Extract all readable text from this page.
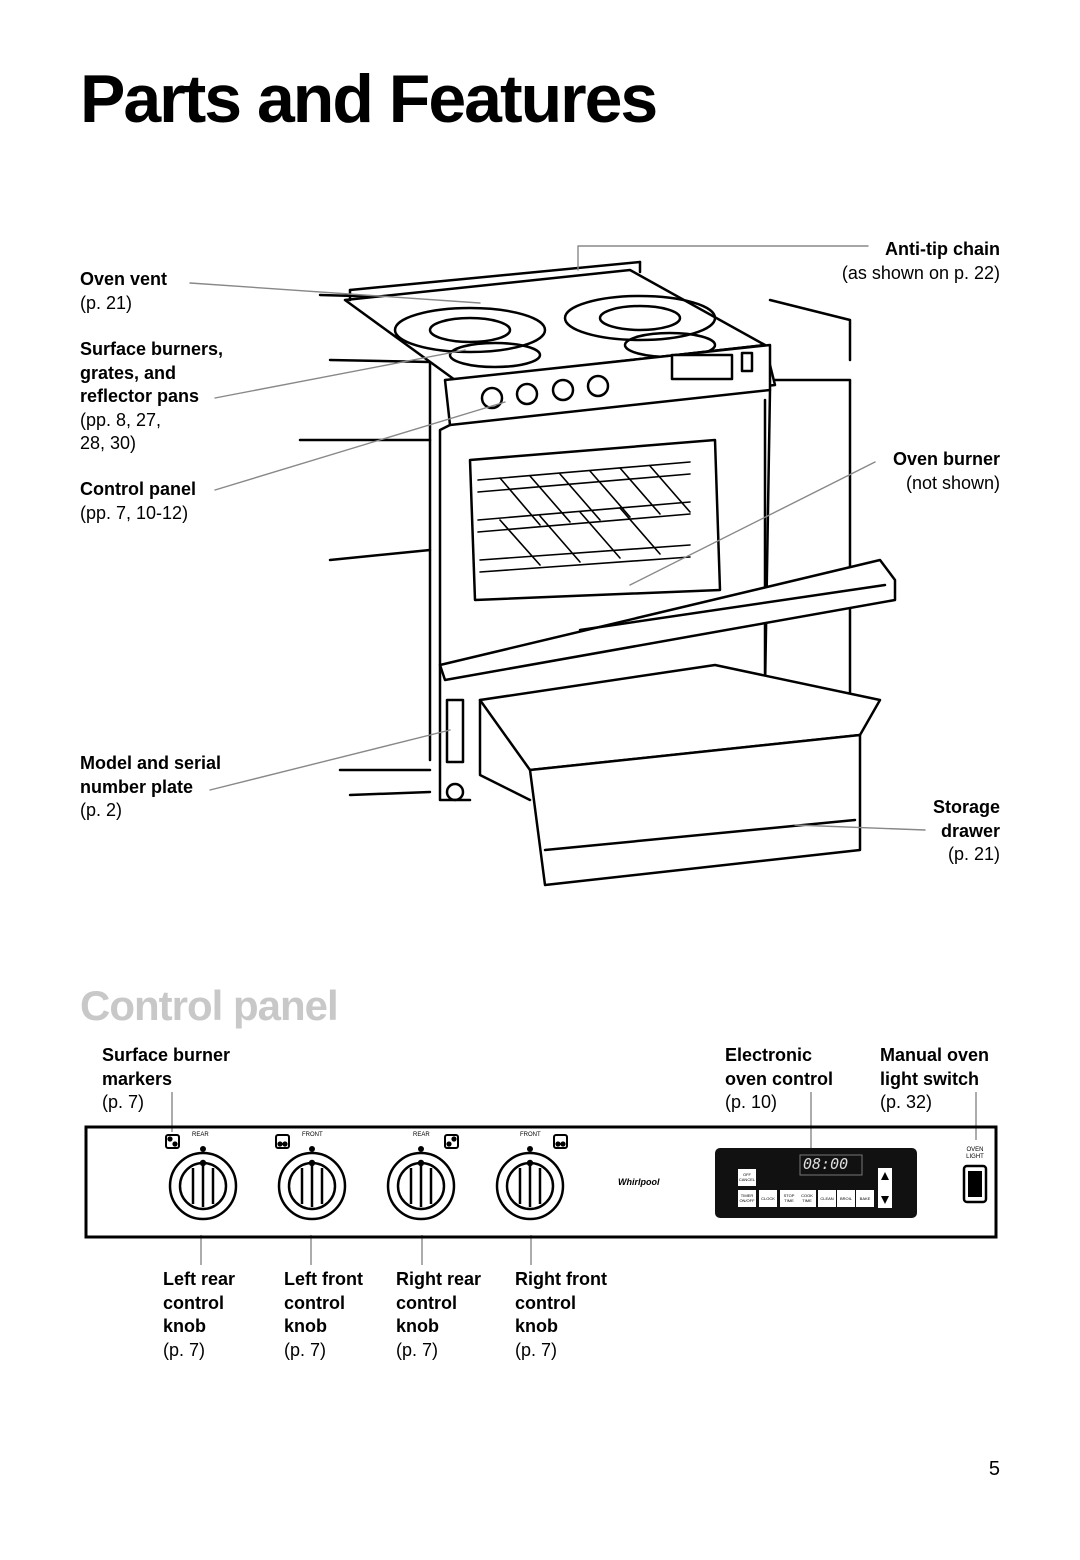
Parts and Features
Oven vent
(p. 21)
Surface burners,
grates, and
reflector pans
(pp. 8, 27,
28, 30)
Control panel
(pp. 7, 10-12)
Model and serial
number plate
(p. 2)
Anti-tip chain
(as shown on p. 22)
Oven burner
(not shown)
Storage
drawer
(p. 21)
Control panel
Surface burner
markers
(p. 7)
Electronic
oven control
(p. 10)
Manual oven
light switch
(p. 32)
REAR	FRONT	REAR	FRONT
Whirlpool
OVEN
LIGHT
08:00
OFF
CANCEL
TIMER
ON/OFF	CLOCK
STOP
TIME
COOK
TIME	CLEAN	BROIL	BAKE
Left rear
control
knob
(p. 7)
Left front
control
knob
(p. 7)
Right rear
control
knob
(p. 7)
Right front
control
knob
(p. 7)
5
